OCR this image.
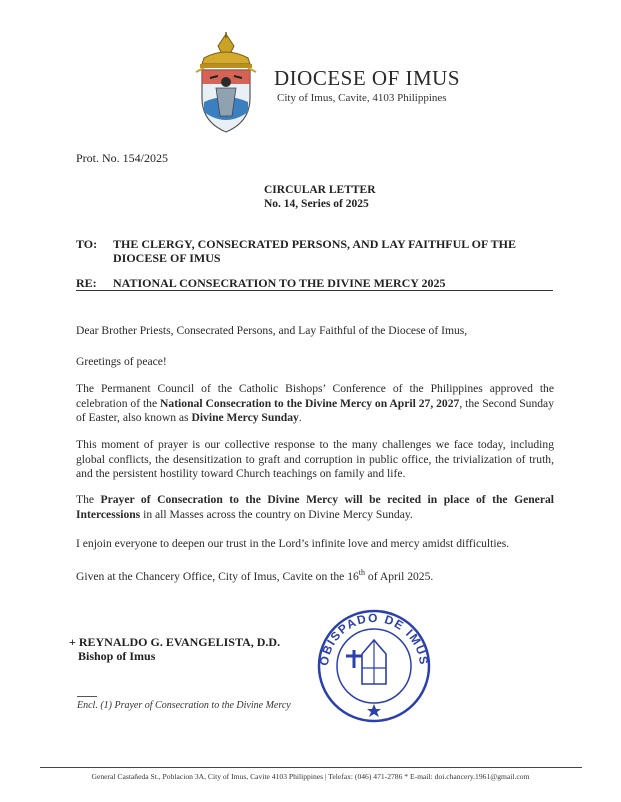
DIOCESE OF IMUS
City of Imus, Cavite, 4103 Philippines
Prot. No. 154/2025
CIRCULAR LETTER
No. 14, Series of 2025
TO: THE CLERGY, CONSECRATED PERSONS, AND LAY FAITHFUL OF THE DIOCESE OF IMUS
RE: NATIONAL CONSECRATION TO THE DIVINE MERCY 2025
Dear Brother Priests, Consecrated Persons, and Lay Faithful of the Diocese of Imus,
Greetings of peace!
The Permanent Council of the Catholic Bishops’ Conference of the Philippines approved the celebration of the National Consecration to the Divine Mercy on April 27, 2027, the Second Sunday of Easter, also known as Divine Mercy Sunday.
This moment of prayer is our collective response to the many challenges we face today, including global conflicts, the desensitization to graft and corruption in public office, the trivialization of truth, and the persistent hostility toward Church teachings on family and life.
The Prayer of Consecration to the Divine Mercy will be recited in place of the General Intercessions in all Masses across the country on Divine Mercy Sunday.
I enjoin everyone to deepen our trust in the Lord’s infinite love and mercy amidst difficulties.
Given at the Chancery Office, City of Imus, Cavite on the 16th of April 2025.
+ REYNALDO G. EVANGELISTA, D.D.
Bishop of Imus
Encl. (1) Prayer of Consecration to the Divine Mercy
OBISPADO DE IMUS
General Castañeda St., Poblacion 3A, City of Imus, Cavite 4103 Philippines | Telefax: (046) 471-2786 * E-mail: doi.chancery.1961@gmail.com
